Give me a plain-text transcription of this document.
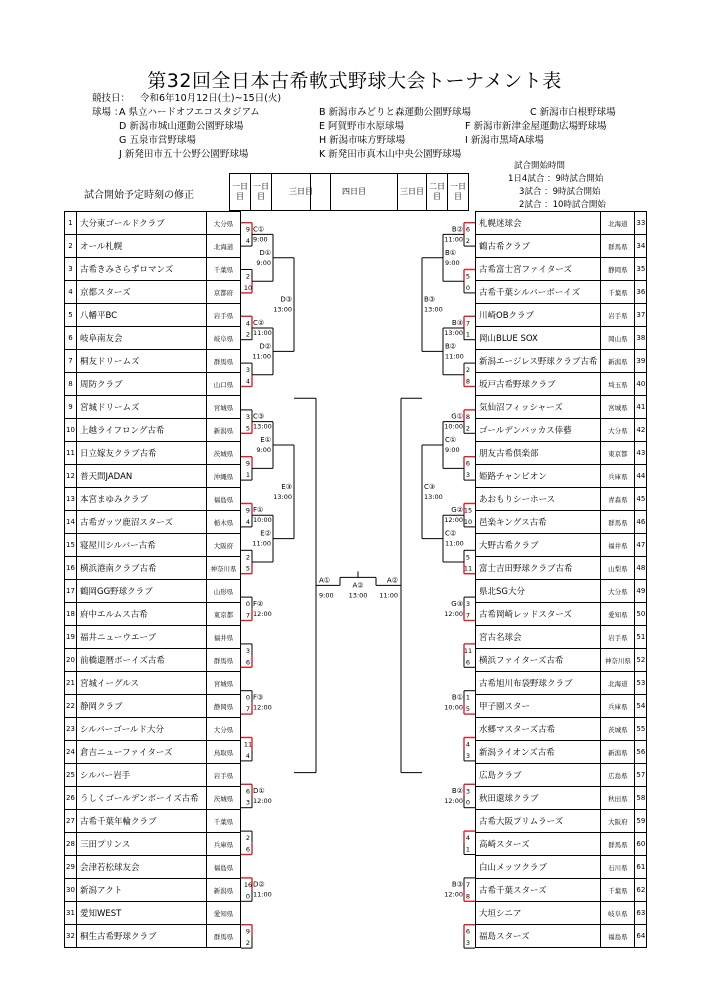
第32回全日本古希軟式野球大会トーナメント表
競技日： 令和6年10月12日(土)~15日(火)
球場 ：
A 県立ハードオフエコスタジアム	B 新潟市みどりと森運動公園野球場	C 新潟市白根野球場
D 新潟市城山運動公園野球場	E 阿賀野市水原球場	F 新潟市新津金屋運動広場野球場
G 五泉市営野球場	H 新潟市味方野球場	I 新潟市黒埼A球場
J 新発田市五十公野公園野球場	K 新発田市真木山中央公園野球場
試合開始時間
1日4試合 ：9時試合開始
3試合 ：9時試合開始
2試合 ：10時試合開始
試合開始予定時刻の修正
一日目	一日目	三日目	四日目	三日目	二日目	一日目
1	大分東ゴールドクラブ	大分県
2	オール札幌	北海道
3	古希きみさらずロマンズ	千葉県
4	京都スターズ	京都府
5	八幡平BC	岩手県
6	岐阜南友会	岐阜県
7	桐友ドリームズ	群馬県
8	周防クラブ	山口県
9	宮城ドリームズ	宮城県
10	上越ライフロング古希	新潟県
11	日立嫁友クラブ古希	茨城県
12	普天間JADAN	沖縄県
13	本宮まゆみクラブ	福島県
14	古希ガッツ鹿沼スターズ	栃木県
15	寝屋川シルバー古希	大阪府
16	横浜港南クラブ古希	神奈川県
17	鶴岡GG野球クラブ	山形県
18	府中エルムス古希	東京都
19	福井ニューウエーブ	福井県
20	前橋還暦ボーイズ古希	群馬県
21	宮城イーグルス	宮城県
22	静岡クラブ	静岡県
23	シルバーゴールド大分	大分県
24	倉吉ニューファイターズ	鳥取県
25	シルバー岩手	岩手県
26	うしくゴールデンボーイズ古希	茨城県
27	古希千葉年輪クラブ	千葉県
28	三田プリンス	兵庫県
29	会津若松球友会	福島県
30	新潟アクト	新潟県
31	愛知WEST	愛知県
32	桐生古希野球クラブ	群馬県
札幌迷球会	北海道	33
鶴古希クラブ	群馬県	34
古希富士宮ファイターズ	静岡県	35
古希千葉シルバーボーイズ	千葉県	36
川崎OBクラブ	岩手県	37
岡山BLUE SOX	岡山県	38
新潟エージレス野球クラブ古希	新潟県	39
坂戸古希野球クラブ	埼玉県	40
気仙沼フィッシャーズ	宮城県	41
ゴールデンバッカス倖藝	大分県	42
朋友古希倶楽部	東京都	43
姫路チャンピオン	兵庫県	44
あおもりシーホース	青森県	45
邑楽キングス古希	群馬県	46
大野古希クラブ	福井県	47
富士吉田野球クラブ古希	山梨県	48
県北SG大分	大分県	49
古希岡崎レッドスターズ	愛知県	50
宮古名球会	岩手県	51
横浜ファイターズ古希	神奈川県	52
古希旭川布袋野球クラブ	北海道	53
甲子園スター	兵庫県	54
水郷マスターズ古希	茨城県	55
新潟ライオンズ古希	新潟県	56
広島クラブ	広島県	57
秋田還球クラブ	秋田県	58
古希大阪プリムラーズ	大阪府	59
高崎スターズ	群馬県	60
白山メッツクラブ	石川県	61
古希千葉スターズ	千葉県	62
大垣シニア	岐阜県	63
福島スターズ	福島県	64
9
4
C①
9:00
2
10
4
2
C②
11:00
3
4
3
5
C③
13:00
9
1
9
4
F①
10:00
2
5
0
7
F②
12:00
3
6
0
7
F③
12:00
11
4
6
3
D①
12:00
2
6
16
0
D②
11:00
9
2
6
2
B②
11:00
5
0
7
1
B③
13:00
2
8
8
2
G①
10:00
6
3
15
10
G②
12:00
5
11
3
7
G③
12:00
11
6
1
5
B①
10:00
4
3
3
0
B②
12:00
4
1
7
8
B③
12:00
6
3
D①
9:00
D②
11:00
E①
9:00
E②
11:00
B①
9:00
B②
11:00
C①
9:00
C②
11:00
D③
13:00
E③
13:00
B③
13:00
C③
13:00
A①
9:00
A②
11:00
A②
13:00
